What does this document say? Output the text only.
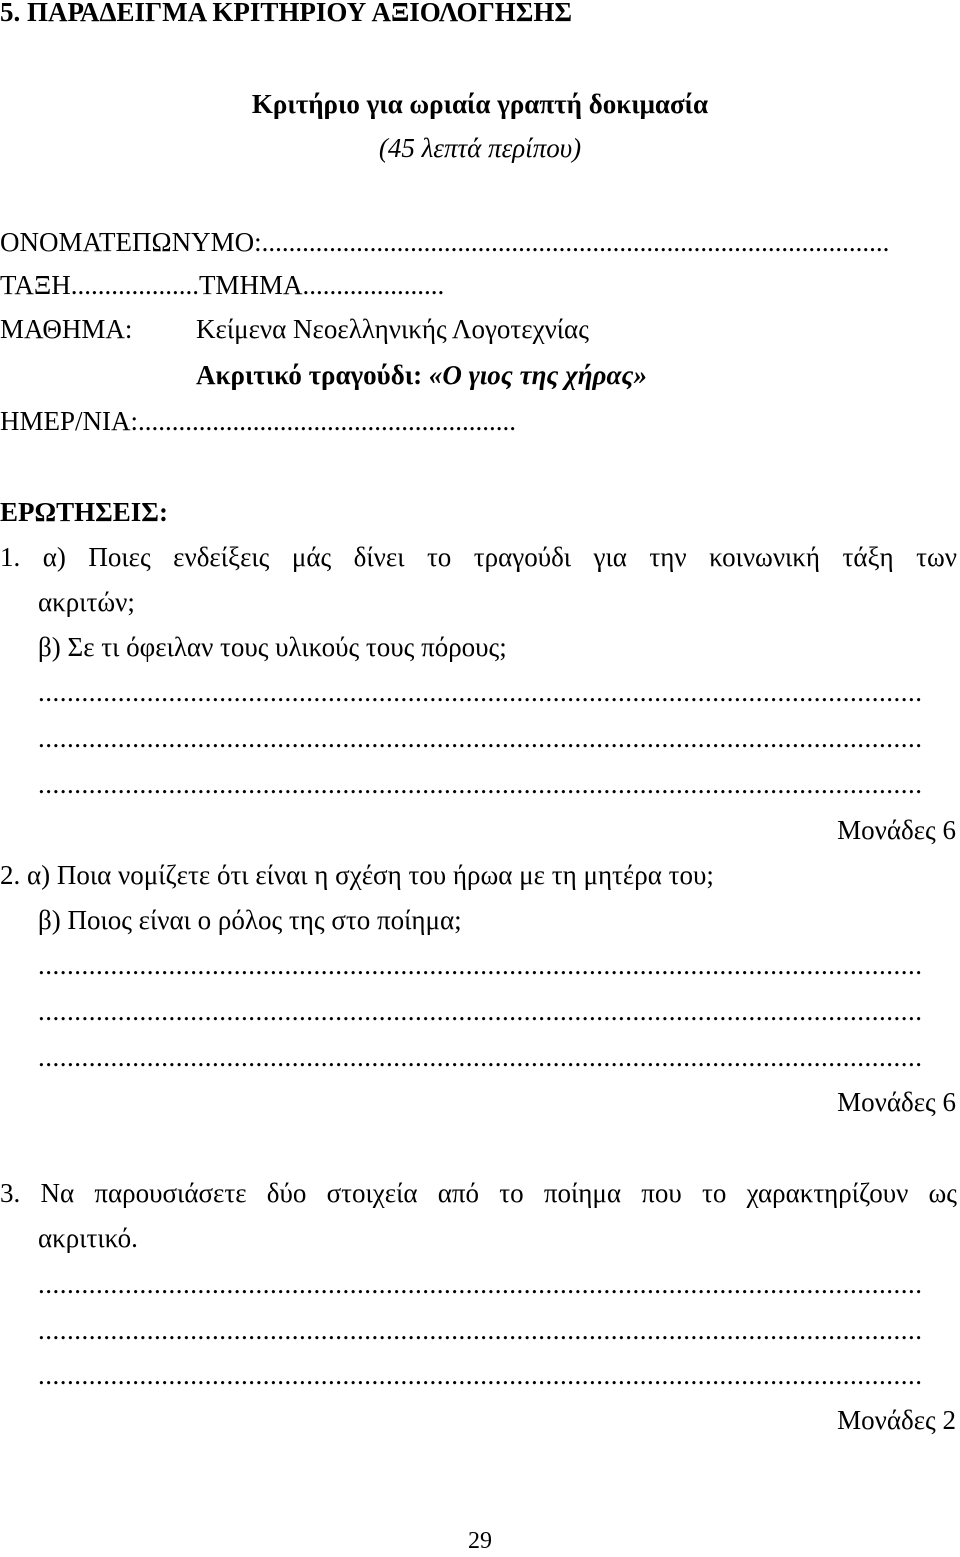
5. ΠΑΡΑΔΕΙΓΜΑ ΚΡΙΤΗΡΙΟΥ ΑΞΙΟΛΟΓΗΣΗΣ
Κριτήριο για ωριαία γραπτή δοκιμασία
(45 λεπτά περίπου)
ΟΝΟΜΑΤΕΠΩΝΥΜΟ:.............................................................................................
ΤΑΞΗ...................ΤΜΗΜΑ.....................
ΜΑΘΗΜΑ: Κείμενα Νεοελληνικής Λογοτεχνίας
Ακριτικό τραγούδι: «Ο γιος της χήρας»
ΗΜΕΡ/ΝΙΑ:........................................................
ΕΡΩΤΗΣΕΙΣ:
1. α) Ποιες ενδείξεις μάς δίνει το τραγούδι για την κοινωνική τάξη των
ακριτών;
β) Σε τι όφειλαν τους υλικούς τους πόρους;
..........................................................................................................................
..........................................................................................................................
..........................................................................................................................
Μονάδες 6
2. α) Ποια νομίζετε ότι είναι η σχέση του ήρωα με τη μητέρα του;
β) Ποιος είναι ο ρόλος της στο ποίημα;
..........................................................................................................................
..........................................................................................................................
..........................................................................................................................
Μονάδες 6
3. Να παρουσιάσετε δύο στοιχεία από το ποίημα που το χαρακτηρίζουν ως
ακριτικό.
..........................................................................................................................
..........................................................................................................................
..........................................................................................................................
Μονάδες 2
29
